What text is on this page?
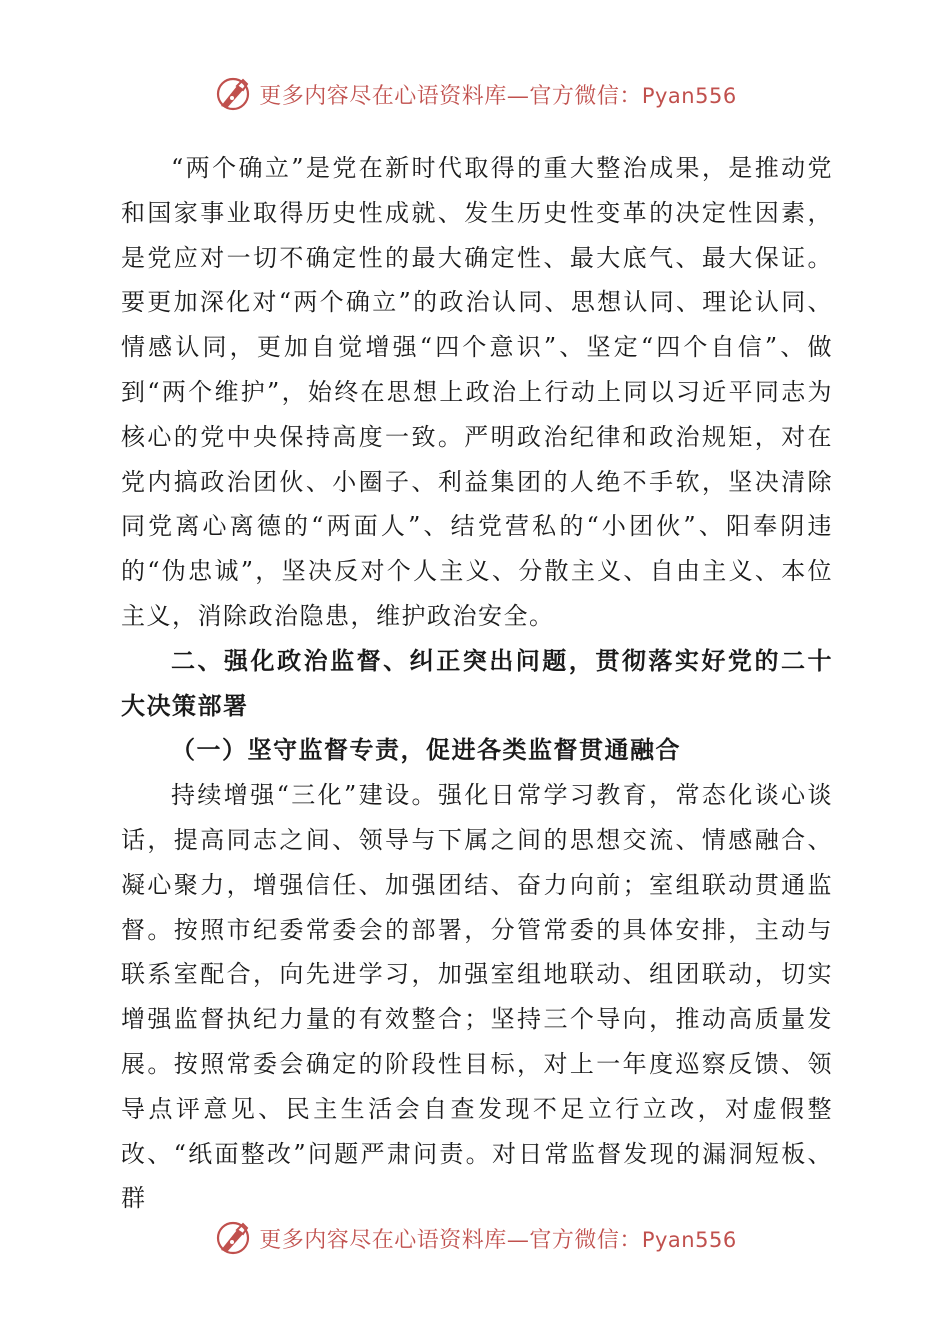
更多内容尽在心语资料库—官方微信：Pyan556

“两个确立”是党在新时代取得的重大整治成果，是推动党和国家事业取得历史性成就、发生历史性变革的决定性因素，是党应对一切不确定性的最大确定性、最大底气、最大保证。要更加深化对“两个确立”的政治认同、思想认同、理论认同、情感认同，更加自觉增强“四个意识”、坚定“四个自信”、做到“两个维护”，始终在思想上政治上行动上同以习近平同志为核心的党中央保持高度一致。严明政治纪律和政治规矩，对在党内搞政治团伙、小圈子、利益集团的人绝不手软，坚决清除同党离心离德的“两面人”、结党营私的“小团伙”、阳奉阴违的“伪忠诚”，坚决反对个人主义、分散主义、自由主义、本位主义，消除政治隐患，维护政治安全。

二、强化政治监督、纠正突出问题，贯彻落实好党的二十大决策部署

（一）坚守监督专责，促进各类监督贯通融合

持续增强“三化”建设。强化日常学习教育，常态化谈心谈话，提高同志之间、领导与下属之间的思想交流、情感融合、凝心聚力，增强信任、加强团结、奋力向前；室组联动贯通监督。按照市纪委常委会的部署，分管常委的具体安排，主动与联系室配合，向先进学习，加强室组地联动、组团联动，切实增强监督执纪力量的有效整合；坚持三个导向，推动高质量发展。按照常委会确定的阶段性目标，对上一年度巡察反馈、领导点评意见、民主生活会自查发现不足立行立改，对虚假整改、“纸面整改”问题严肃问责。对日常监督发现的漏洞短板、群

更多内容尽在心语资料库—官方微信：Pyan556
